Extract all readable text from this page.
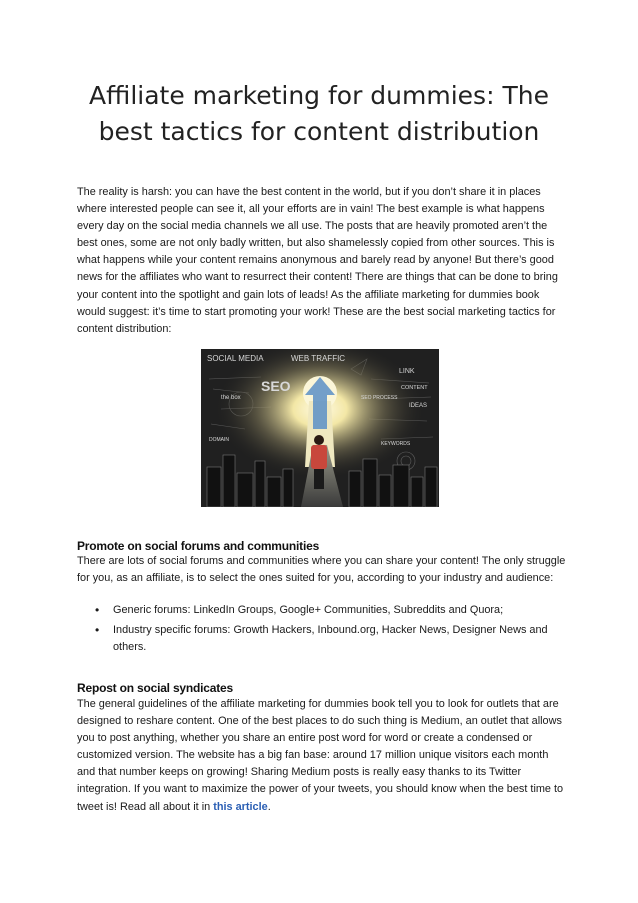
Affiliate marketing for dummies: The best tactics for content distribution

The reality is harsh: you can have the best content in the world, but if you don’t share it in places where interested people can see it, all your efforts are in vain! The best example is what happens every day on the social media channels we all use. The posts that are heavily promoted aren’t the best ones, some are not only badly written, but also shamelessly copied from other sources. This is what happens while your content remains anonymous and barely read by anyone! But there’s good news for the affiliates who want to resurrect their content! There are things that can be done to bring your content into the spotlight and gain lots of leads! As the affiliate marketing for dummies book would suggest: it’s time to start promoting your work! These are the best social marketing tactics for content distribution:

SOCIAL MEDIA	WEB TRAFFIC
SEO
LINK
CONTENT
IDEAS
the box
DOMAIN
KEYWORDS
SEO PROCESS
Promote on social forums and communities

There are lots of social forums and communities where you can share your content! The only struggle for you, as an affiliate, is to select the ones suited for you, according to your industry and audience:

• Generic forums: LinkedIn Groups, Google+ Communities, Subreddits and Quora;
• Industry specific forums: Growth Hackers, Inbound.org, Hacker News, Designer News and others.
Repost on social syndicates

The general guidelines of the affiliate marketing for dummies book tell you to look for outlets that are designed to reshare content. One of the best places to do such thing is Medium, an outlet that allows you to post anything, whether you share an entire post word for word or create a condensed or customized version. The website has a big fan base: around 17 million unique visitors each month and that number keeps on growing! Sharing Medium posts is really easy thanks to its Twitter integration. If you want to maximize the power of your tweets, you should know when the best time to tweet is! Read all about it in this article.
